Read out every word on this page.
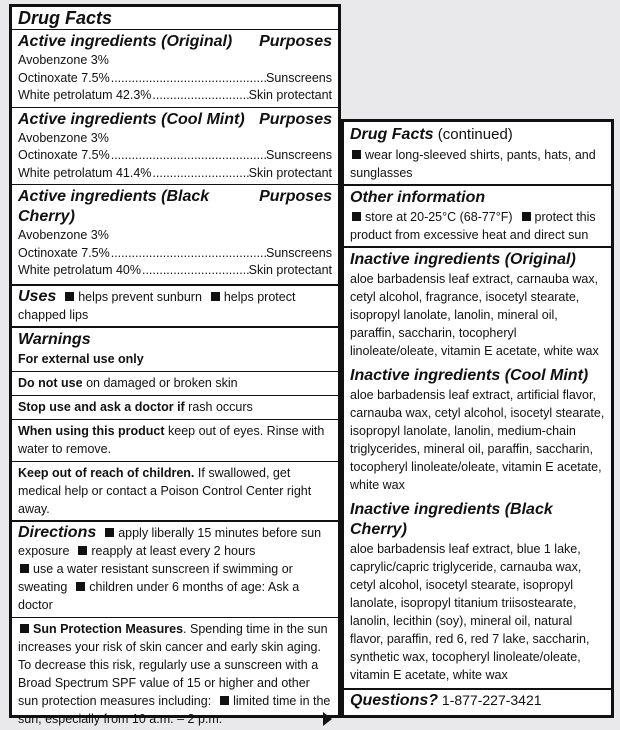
Drug Facts
Active ingredients (Original) Purposes
Avobenzone 3%
Octinoxate 7.5% .....	Sunscreens
White petrolatum 42.3% .....	Skin protectant
Active ingredients (Cool Mint) Purposes
Avobenzone 3%
Octinoxate 7.5% .....	Sunscreens
White petrolatum 41.4% .....	Skin protectant
Active ingredients (Black Cherry)
Purposes
Avobenzone 3%
Octinoxate 7.5% .....	Sunscreens
White petrolatum 40% .....	Skin protectant
Uses helps prevent sunburn helps protect chapped lips
Warnings
For external use only
Do not use on damaged or broken skin
Stop use and ask a doctor if rash occurs
When using this product keep out of eyes. Rinse with water to remove.
Keep out of reach of children. If swallowed, get medical help or contact a Poison Control Center right away.
Directions apply liberally 15 minutes before sun exposure reapply at least every 2 hours
use a water resistant sunscreen if swimming or sweating children under 6 months of age: Ask a doctor
Sun Protection Measures. Spending time in the sun increases your risk of skin cancer and early skin aging. To decrease this risk, regularly use a sunscreen with a Broad Spectrum SPF value of 15 or higher and other sun protection measures including: limited time in the sun, especially from 10 a.m. – 2 p.m.
Drug Facts (continued)
wear long-sleeved shirts, pants, hats, and sunglasses
Other information
store at 20-25°C (68-77°F) protect this product from excessive heat and direct sun
Inactive ingredients (Original)
aloe barbadensis leaf extract, carnauba wax, cetyl alcohol, fragrance, isocetyl stearate, isopropyl lanolate, lanolin, mineral oil, paraffin, saccharin, tocopheryl linoleate/oleate, vitamin E acetate, white wax
Inactive ingredients (Cool Mint)
aloe barbadensis leaf extract, artificial flavor, carnauba wax, cetyl alcohol, isocetyl stearate, isopropyl lanolate, lanolin, medium-chain triglycerides, mineral oil, paraffin, saccharin, tocopheryl linoleate/oleate, vitamin E acetate, white wax
Inactive ingredients (Black Cherry)
aloe barbadensis leaf extract, blue 1 lake, caprylic/capric triglyceride, carnauba wax, cetyl alcohol, isocetyl stearate, isopropyl lanolate, isopropyl titanium triisostearate, lanolin, lecithin (soy), mineral oil, natural flavor, paraffin, red 6, red 7 lake, saccharin, synthetic wax, tocopheryl linoleate/oleate, vitamin E acetate, white wax
Questions? 1-877-227-3421
